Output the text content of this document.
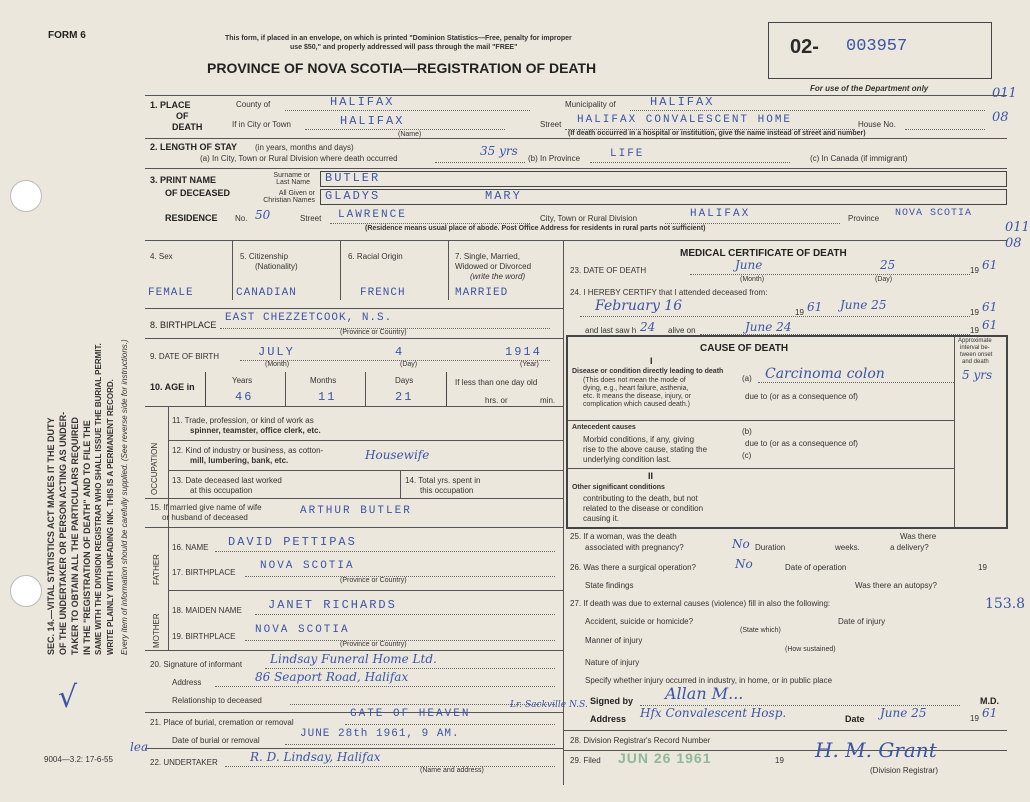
SEC. 14.—VITAL STATISTICS ACT MAKES IT THE DUTY OF THE UNDERTAKER OR PERSON ACTING AS UNDER- TAKER TO OBTAIN ALL THE PARTICULARS REQUIRED IN THE "REGISTRATION OF DEATH" AND TO FILE THE SAME WITH THE DIVISION REGISTRAR WHO SHALL ISSUE THE BURIAL PERMIT. WRITE PLAINLY WITH UNFADING INK. THIS IS A PERMANENT RECORD. Every item of information should be carefully supplied. (See reverse side for instructions.)
FORM 6
9004—3.2: 17-6-55
√
lea
This form, if placed in an envelope, on which is printed "Dominion Statistics—Free, penalty for improper
use $50," and properly addressed will pass through the mail "FREE"
PROVINCE OF NOVA SCOTIA—REGISTRATION OF DEATH
02- 003957
For use of the Department only	011
08
011
08
1. PLACE
OF
DEATH
County of	HALIFAX	Municipality of	HALIFAX
If in City or Town	HALIFAX
(Name)
Street HALIFAX CONVALESCENT HOME	House No.
(If death occurred in a hospital or institution, give the name instead of street and number)
2. LENGTH OF STAY (in years, months and days)
(a) In City, Town or Rural Division where death occurred
35 yrs
(b) In Province	LIFE	(c) In Canada (if immigrant)
3. PRINT NAME
OF DECEASED
Surname or Last Name BUTLER
All Given or Christian Names GLADYS	MARY
RESIDENCE No. 50	Street LAWRENCE	City, Town or Rural Division	HALIFAX	Province NOVA SCOTIA
(Residence means usual place of abode. Post Office Address for residents in rural parts not sufficient)
4. Sex	5. Citizenship
(Nationality)
6. Racial Origin	7. Single, Married,
Widowed or Divorced
(write the word)
FEMALE	CANADIAN	FRENCH	MARRIED
8. BIRTHPLACE
EAST CHEZZETCOOK, N.S.
(Province or Country)
9. DATE OF BIRTH	JULY	4	1914
(Month)	(Day)	(Year)
10. AGE in
Years	Months	Days
46	11	21
If less than one day old
hrs. or	min.
OCCUPATION
11. Trade, profession, or kind of work as
spinner, teamster, office clerk, etc.
12. Kind of industry or business, as cotton-
mill, lumbering, bank, etc.	Housewife
13. Date deceased last worked
at this occupation
14. Total yrs. spent in
this occupation
15. If married give name of wife
or husband of deceased
ARTHUR BUTLER
FATHER
MOTHER
16. NAME DAVID PETTIPAS
17. BIRTHPLACE
NOVA SCOTIA
(Province or Country)
18. MAIDEN NAME JANET RICHARDS
19. BIRTHPLACE
NOVA SCOTIA
(Province or Country)
20. Signature of informant Lindsay Funeral Home Ltd.
Address	86 Seaport Road, Halifax
Relationship to deceased
21. Place of burial, cremation or removal
GATE OF HEAVEN
Lr. Sackville N.S.
Date of burial or removal
JUNE 28th 1961, 9 AM.
22. UNDERTAKER	R. D. Lindsay, Halifax
(Name and address)
MEDICAL CERTIFICATE OF DEATH
23. DATE OF DEATH	June	25	19 61
(Month)	(Day)
24. I HEREBY CERTIFY that I attended deceased from:
February 16	19 61 June 25
19 61
and last saw h 24 alive on	June 24	19 61
CAUSE OF DEATH
Approximate
interval be-
tween onset
and death
I
Disease or condition directly leading to death
(This does not mean the mode of
dying, e.g., heart failure, asthenia,
etc. It means the disease, injury, or
complication which caused death.)
(a) Carcinoma colon	5 yrs
due to (or as a consequence of)
Antecedent causes
Morbid conditions, if any, giving
rise to the above cause, stating the
underlying condition last.
(b)
due to (or as a consequence of)
(c)
II
Other significant conditions
contributing to the death, but not
related to the disease or condition
causing it.
25. If a woman, was the death
associated with pregnancy?	No Duration	weeks.
Was there
a delivery?
26. Was there a surgical operation?	No	Date of operation	19
State findings	Was there an autopsy?
27. If death was due to external causes (violence) fill in also the following:	153.8
Accident, suicide or homicide?	Date of injury
(State which)
Manner of injury
(How sustained)
Nature of injury
Specify whether injury occurred in industry, in home, or in public place
Signed by Allan M...	M.D.
Address Hfx Convalescent Hosp.	Date June 25	19 61
28. Division Registrar's Record Number
29. Filed JUN 26 1961	19 H. M. Grant
(Division Registrar)
